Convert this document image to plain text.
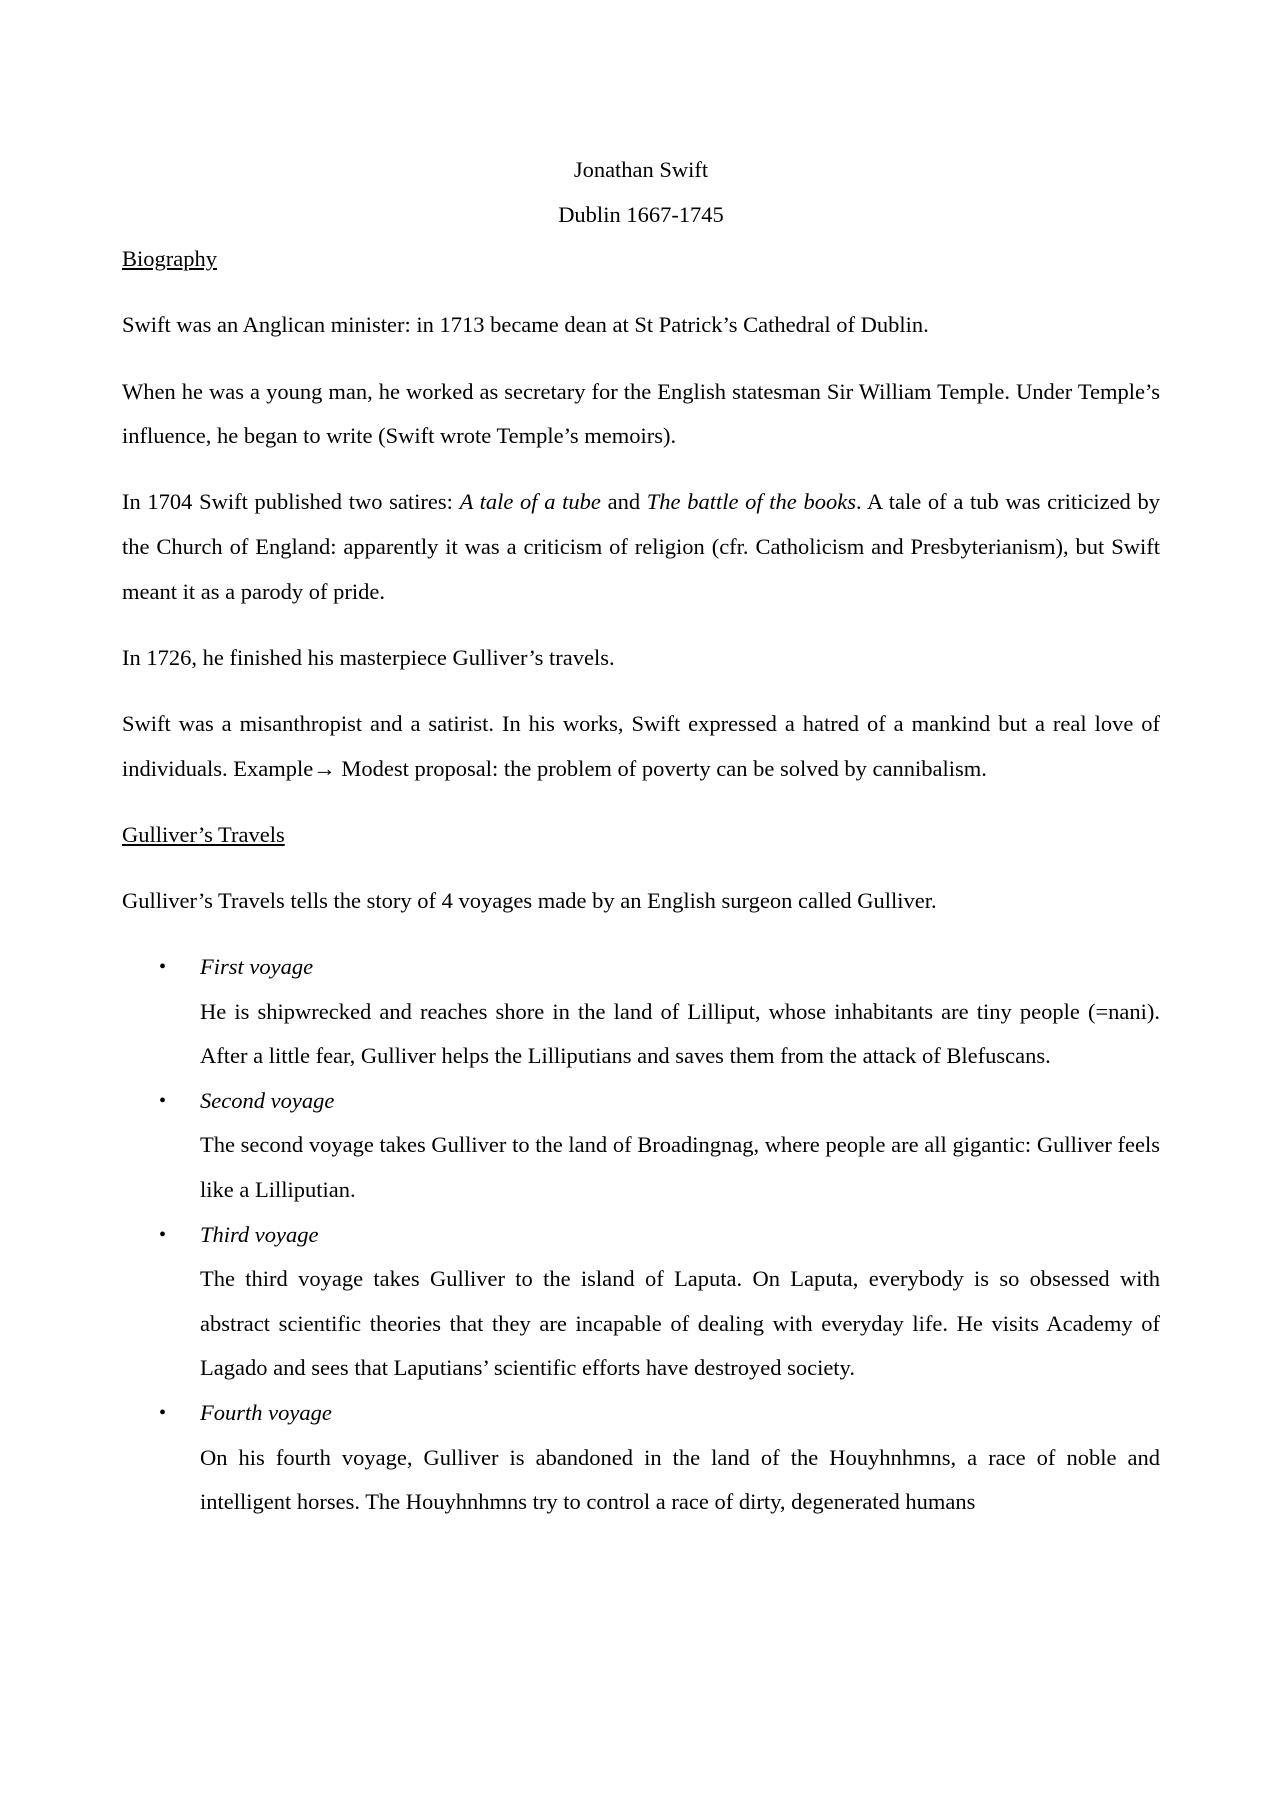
Jonathan Swift

Dublin 1667-1745

Biography

Swift was an Anglican minister: in 1713 became dean at St Patrick’s Cathedral of Dublin.

When he was a young man, he worked as secretary for the English statesman Sir William Temple. Under Temple’s influence, he began to write (Swift wrote Temple’s memoirs).

In 1704 Swift published two satires: A tale of a tube and The battle of the books. A tale of a tub was criticized by the Church of England: apparently it was a criticism of religion (cfr. Catholicism and Presbyterianism), but Swift meant it as a parody of pride.

In 1726, he finished his masterpiece Gulliver’s travels.

Swift was a misanthropist and a satirist. In his works, Swift expressed a hatred of a mankind but a real love of individuals. Example→ Modest proposal: the problem of poverty can be solved by cannibalism.

Gulliver’s Travels

Gulliver’s Travels tells the story of 4 voyages made by an English surgeon called Gulliver.

• First voyage
He is shipwrecked and reaches shore in the land of Lilliput, whose inhabitants are tiny people (=nani). After a little fear, Gulliver helps the Lilliputians and saves them from the attack of Blefuscans.
• Second voyage
The second voyage takes Gulliver to the land of Broadingnag, where people are all gigantic: Gulliver feels like a Lilliputian.
• Third voyage
The third voyage takes Gulliver to the island of Laputa. On Laputa, everybody is so obsessed with abstract scientific theories that they are incapable of dealing with everyday life. He visits Academy of Lagado and sees that Laputians’ scientific efforts have destroyed society.
• Fourth voyage
On his fourth voyage, Gulliver is abandoned in the land of the Houyhnhmns, a race of noble and intelligent horses. The Houyhnhmns try to control a race of dirty, degenerated humans
